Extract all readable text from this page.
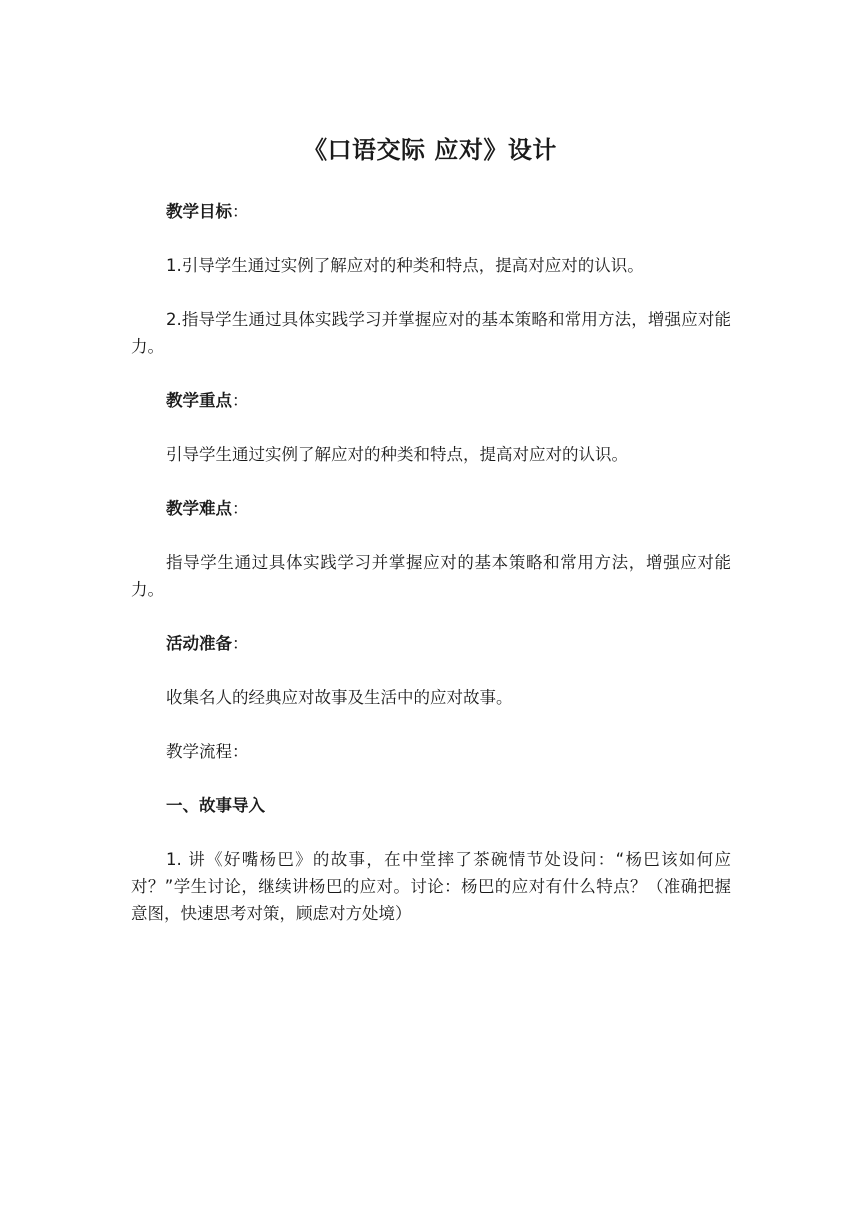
《口语交际 应对》设计

教学目标：

1.引导学生通过实例了解应对的种类和特点，提高对应对的认识。

2.指导学生通过具体实践学习并掌握应对的基本策略和常用方法，增强应对能力。

教学重点：

引导学生通过实例了解应对的种类和特点，提高对应对的认识。

教学难点：

指导学生通过具体实践学习并掌握应对的基本策略和常用方法，增强应对能力。

活动准备：

收集名人的经典应对故事及生活中的应对故事。

教学流程：

一、故事导入

1. 讲《好嘴杨巴》的故事，在中堂摔了茶碗情节处设问：“杨巴该如何应对？”学生讨论，继续讲杨巴的应对。讨论：杨巴的应对有什么特点？（准确把握意图，快速思考对策，顾虑对方处境）
